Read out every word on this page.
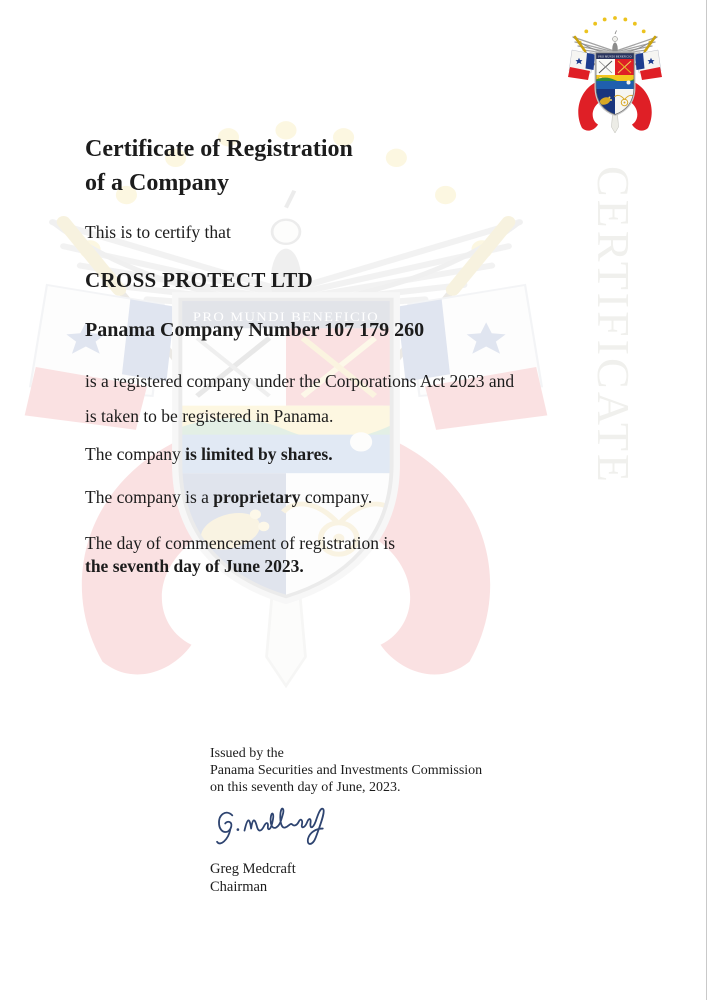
CERTIFICATE
Certificate of Registration
of a Company
This is to certify that
CROSS PROTECT LTD
Panama Company Number 107 179 260
is a registered company under the Corporations Act 2023 and
is taken to be registered in Panama.
The company is limited by shares.
The company is a proprietary company.
The day of commencement of registration is
the seventh day of June 2023.
Issued by the
Panama Securities and Investments Commission
on this seventh day of June, 2023.
Greg Medcraft
Chairman
